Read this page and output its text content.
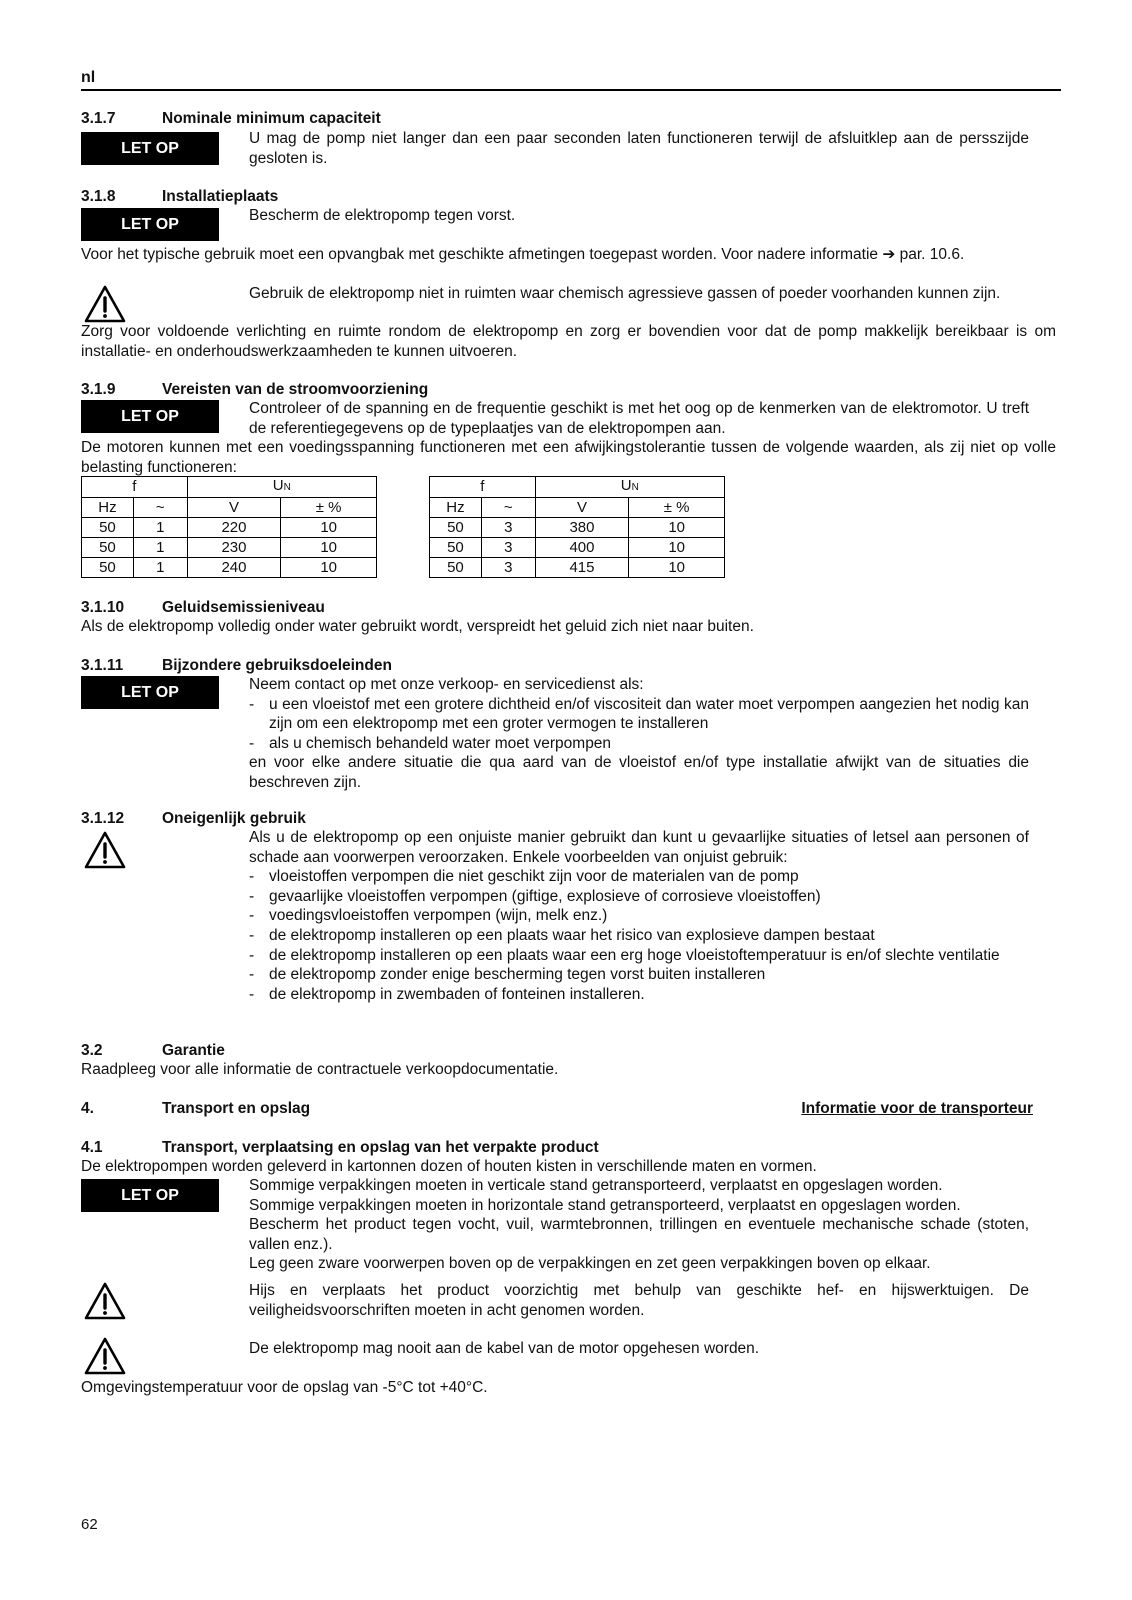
nl
3.1.7	Nominale minimum capaciteit
LET OP
U mag de pomp niet langer dan een paar seconden laten functioneren terwijl de afsluitklep aan de persszijde gesloten is.
3.1.8	Installatieplaats
LET OP
Bescherm de elektropomp tegen vorst.
Voor het typische gebruik moet een opvangbak met geschikte afmetingen toegepast worden. Voor nadere informatie ➔ par. 10.6.
Gebruik de elektropomp niet in ruimten waar chemisch agressieve gassen of poeder voorhanden kunnen zijn.
Zorg voor voldoende verlichting en ruimte rondom de elektropomp en zorg er bovendien voor dat de pomp makkelijk bereikbaar is om installatie- en onderhoudswerkzaamheden te kunnen uitvoeren.
3.1.9	Vereisten van de stroomvoorziening
LET OP	Controleer of de spanning en de frequentie geschikt is met het oog op de kenmerken van de elektromotor. U treft de referentiegegevens op de typeplaatjes van de elektropompen aan.
De motoren kunnen met een voedingsspanning functioneren met een afwijkingstolerantie tussen de volgende waarden, als zij niet op volle belasting functioneren:
f		UN	
Hz	~	V	± %
50	1	220	10
50	1	230	10
50	1	240	10
f		UN	
Hz	~	V	± %
50	3	380	10
50	3	400	10
50	3	415	10
3.1.10 Geluidsemissieniveau
Als de elektropomp volledig onder water gebruikt wordt, verspreidt het geluid zich niet naar buiten.
3.1.11	Bijzondere gebruiksdoeleinden
LET OP	Neem contact op met onze verkoop- en servicedienst als:
- u een vloeistof met een grotere dichtheid en/of viscositeit dan water moet verpompen aangezien het nodig kan zijn om een elektropomp met een groter vermogen te installeren
- als u chemisch behandeld water moet verpompen
en voor elke andere situatie die qua aard van de vloeistof en/of type installatie afwijkt van de situaties die beschreven zijn.
3.1.12 Oneigenlijk gebruik
Als u de elektropomp op een onjuiste manier gebruikt dan kunt u gevaarlijke situaties of letsel aan personen of schade aan voorwerpen veroorzaken. Enkele voorbeelden van onjuist gebruik:
- vloeistoffen verpompen die niet geschikt zijn voor de materialen van de pomp
- gevaarlijke vloeistoffen verpompen (giftige, explosieve of corrosieve vloeistoffen)
- voedingsvloeistoffen verpompen (wijn, melk enz.)
- de elektropomp installeren op een plaats waar het risico van explosieve dampen bestaat
- de elektropomp installeren op een plaats waar een erg hoge vloeistoftemperatuur is en/of slechte ventilatie
- de elektropomp zonder enige bescherming tegen vorst buiten installeren
- de elektropomp in zwembaden of fonteinen installeren.
3.2	Garantie
Raadpleeg voor alle informatie de contractuele verkoopdocumentatie.
4.	Transport en opslag	Informatie voor de transporteur
4.1	Transport, verplaatsing en opslag van het verpakte product
De elektropompen worden geleverd in kartonnen dozen of houten kisten in verschillende maten en vormen.
LET OP
Sommige verpakkingen moeten in verticale stand getransporteerd, verplaatst en opgeslagen worden.
Sommige verpakkingen moeten in horizontale stand getransporteerd, verplaatst en opgeslagen worden.
Bescherm het product tegen vocht, vuil, warmtebronnen, trillingen en eventuele mechanische schade (stoten, vallen enz.).
Leg geen zware voorwerpen boven op de verpakkingen en zet geen verpakkingen boven op elkaar.
Hijs en verplaats het product voorzichtig met behulp van geschikte hef- en hijswerktuigen. De veiligheidsvoorschriften moeten in acht genomen worden.
De elektropomp mag nooit aan de kabel van de motor opgehesen worden.
Omgevingstemperatuur voor de opslag van -5°C tot +40°C.
62
